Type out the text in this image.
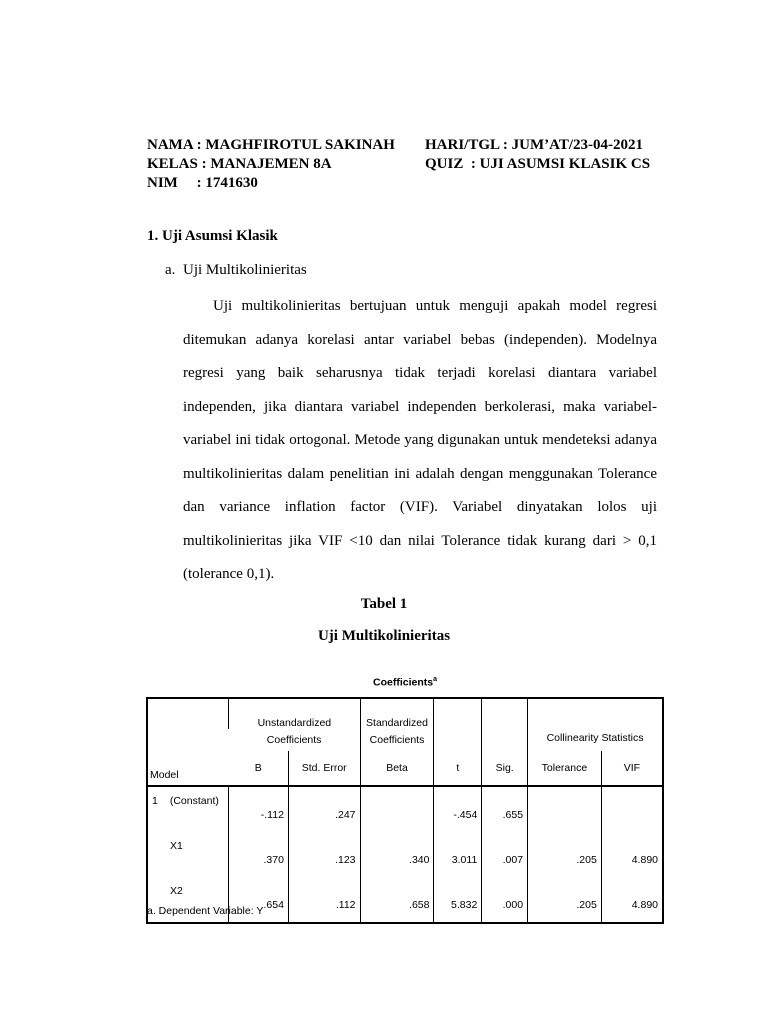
NAMA : MAGHFIROTUL SAKINAH	HARI/TGL : JUM’AT/23-04-2021
KELAS : MANAJEMEN 8A	QUIZ  : UJI ASUMSI KLASIK CS
NIM     : 1741630
1. Uji Asumsi Klasik
a. Uji Multikolinieritas

Uji multikolinieritas bertujuan untuk menguji apakah model regresi ditemukan adanya korelasi antar variabel bebas (independen). Modelnya regresi yang baik seharusnya tidak terjadi korelasi diantara variabel independen, jika diantara variabel independen berkolerasi, maka variabel-variabel ini tidak ortogonal. Metode yang digunakan untuk mendeteksi adanya multikolinieritas dalam penelitian ini adalah dengan menggunakan Tolerance dan variance inflation factor (VIF). Variabel dinyatakan lolos uji multikolinieritas jika VIF <10 dan nilai Tolerance tidak kurang dari > 0,1 (tolerance 0,1).

Tabel 1
Uji Multikolinieritas
Coefficients$^a$
Model	Unstandardized		Standardized			Collinearity Statistics	
	Coefficients		Coefficients				
	B	Std. Error	Beta	t	Sig.	Tolerance	VIF
1 (Constant)	-.112	.247		-.454	.655		
X1	.370	.123	.340	3.011	.007	.205	4.890
X2	.654	.112	.658	5.832	.000	.205	4.890
a. Dependent Variable: Y
